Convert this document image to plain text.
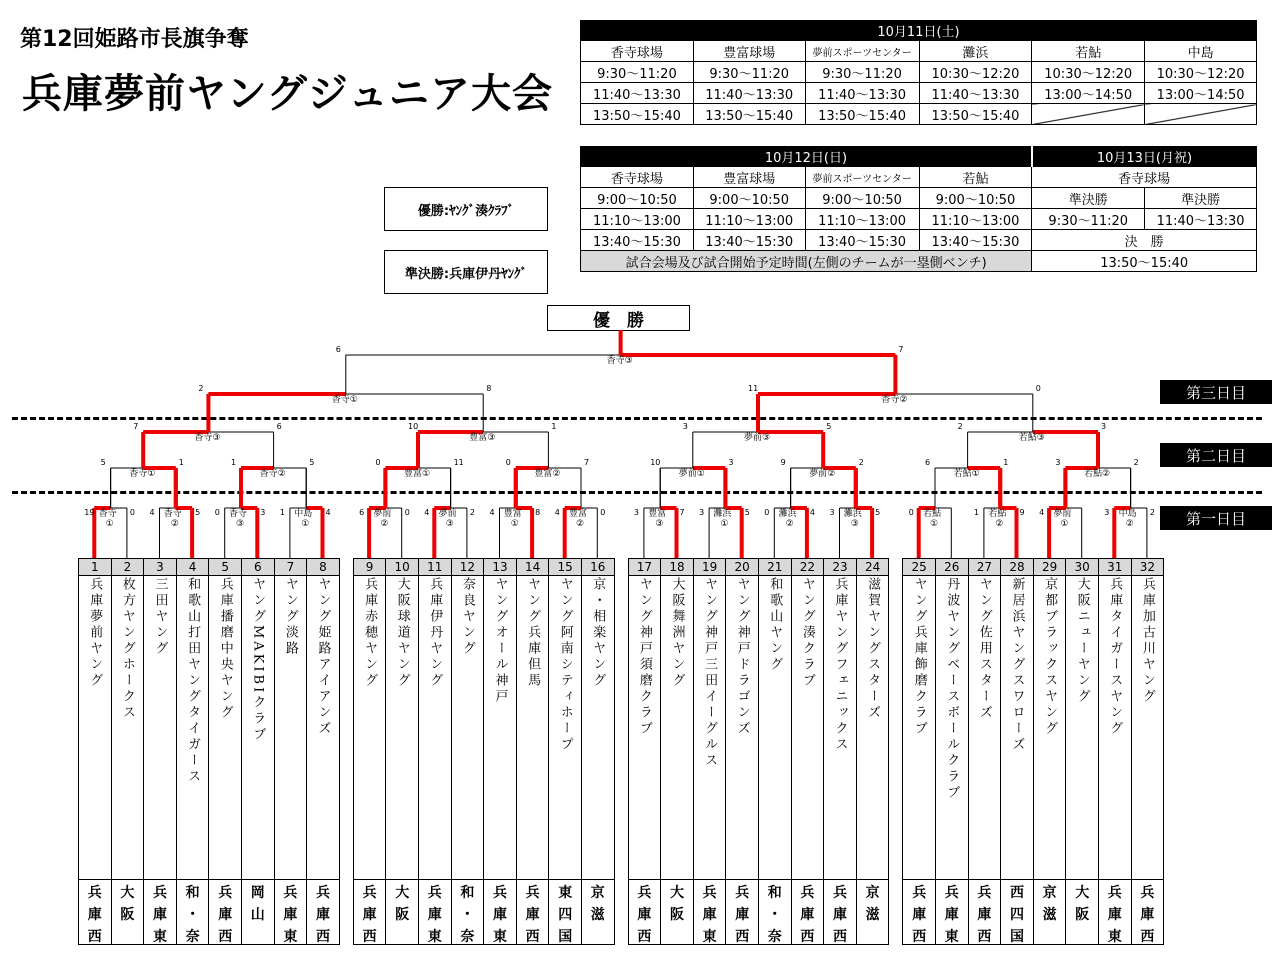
第12回姫路市長旗争奪
兵庫夢前ヤングジュニア大会
10月11日(土)					
香寺球場	豊富球場	夢前スポーツセンター	灘浜	若鮎	中島
9:30〜11:20	9:30〜11:20	9:30〜11:20	10:30〜12:20	10:30〜12:20	10:30〜12:20
11:40〜13:30	11:40〜13:30	11:40〜13:30	11:40〜13:30	13:00〜14:50	13:00〜14:50
13:50〜15:40	13:50〜15:40	13:50〜15:40	13:50〜15:40		
10月12日(日)				10月13日(月祝)	
香寺球場	豊富球場	夢前スポーツセンター	若鮎	香寺球場	
9:00〜10:50	9:00〜10:50	9:00〜10:50	9:00〜10:50	準決勝	準決勝
11:10〜13:00	11:10〜13:00	11:10〜13:00	11:10〜13:00	9:30〜11:20	11:40〜13:30
13:40〜15:30	13:40〜15:30	13:40〜15:30	13:40〜15:30	決　勝	
試合会場及び試合開始予定時間(左側のチームが一塁側ベンチ)				13:50〜15:40	
優勝:ﾔﾝｸﾞ湊ｸﾗﾌﾞ
準決勝:兵庫伊丹ﾔﾝｸﾞ
優　勝
第三日目
第二日目
第一日目
香寺
①
19	0	香寺
②
4	5	香寺
③
0	3	中島
①
1	4	夢前
②
6	0	夢前
③
4	2	豊富
①
4	8	豊富
②
4	0	豊富
③
3	7	灘浜
①
3	5	灘浜
②
0	4	灘浜
③
3	5	若鮎
①
0	若鮎
②
1	9	夢前
①
4	中島
②
3	2
香寺①
5	1
香寺②
1	5
豊富①
0	11
豊富②
0	7
夢前①
10	3
夢前②
9	2
若鮎①
6	1
若鮎②
3	2
香寺③
7	6
豊富③
10	1
夢前③
3	5
若鮎③
2	3
香寺①
2	8
香寺②
11	0
香寺③
6	7
1
兵庫夢前ヤング
兵
庫
西
2
枚方ヤングホークス
大
阪
3
三田ヤング
兵
庫
東
4
和歌山打田ヤングタイガース
和
・
奈
5
兵庫播磨中央ヤング
兵
庫
西
6
ヤングMAKIBIクラブ
岡
山
7
ヤング淡路
兵
庫
東
8
ヤング姫路アイアンズ
兵
庫
西
9
兵庫赤穂ヤング
兵
庫
西
10
大阪球道ヤング
大
阪
11
兵庫伊丹ヤング
兵
庫
東
12
奈良ヤング
和
・
奈
13
ヤングオール神戸
兵
庫
東
14
ヤング兵庫但馬
兵
庫
西
15
ヤング阿南シティホープ
東
四
国
16
京・相楽ヤング
京
滋
17
ヤング神戸須磨クラブ
兵
庫
西
18
大阪舞洲ヤング
大
阪
19
ヤング神戸三田イーグルス
兵
庫
東
20
ヤング神戸ドラゴンズ
兵
庫
西
21
和歌山ヤング
和
・
奈
22
ヤング湊クラブ
兵
庫
西
23
兵庫ヤングフェニックス
兵
庫
西
24
滋賀ヤングスターズ
京
滋
25
ヤング兵庫飾磨クラブ
兵
庫
西
26
丹波ヤングベースボールクラブ
兵
庫
東
27
ヤング佐用スターズ
兵
庫
西
28
新居浜ヤングスワローズ
西
四
国
29
京都ブラックスヤング
京
滋
30
大阪ニューヤング
大
阪
31
兵庫タイガースヤング
兵
庫
東
32
兵庫加古川ヤング
兵
庫
西
